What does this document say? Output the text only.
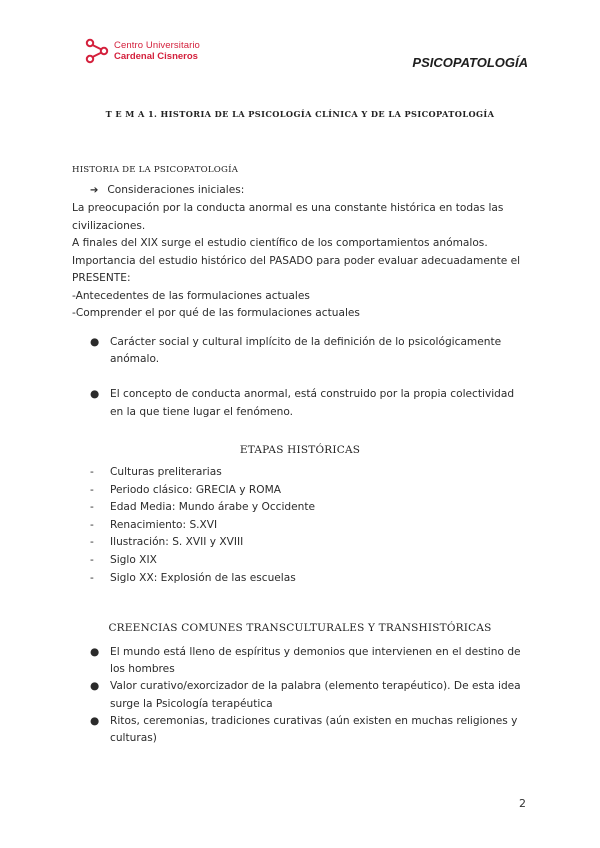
Centro Universitario
Cardenal Cisneros	PSICOPATOLOGÍA
T E M A 1. HISTORIA DE LA PSICOLOGÍA CLÍNICA Y DE LA PSICOPATOLOGÍA
HISTORIA DE LA PSICOPATOLOGÍA
➔ Consideraciones iniciales:

La preocupación por la conducta anormal es una constante histórica en todas las civilizaciones.

A finales del XIX surge el estudio científico de los comportamientos anómalos.

Importancia del estudio histórico del PASADO para poder evaluar adecuadamente el PRESENTE:

-Antecedentes de las formulaciones actuales

-Comprender el por qué de las formulaciones actuales

● Carácter social y cultural implícito de la definición de lo psicológicamente anómalo.
● El concepto de conducta anormal, está construido por la propia colectividad en la que tiene lugar el fenómeno.
ETAPAS HISTÓRICAS
- Culturas preliterarias
- Periodo clásico: GRECIA y ROMA
- Edad Media: Mundo árabe y Occidente
- Renacimiento: S.XVI
- Ilustración: S. XVII y XVIII
- Siglo XIX
- Siglo XX: Explosión de las escuelas
CREENCIAS COMUNES TRANSCULTURALES Y TRANSHISTÓRICAS
● El mundo está lleno de espíritus y demonios que intervienen en el destino de los hombres
● Valor curativo/exorcizador de la palabra (elemento terapéutico). De esta idea surge la Psicología terapéutica
● Ritos, ceremonias, tradiciones curativas (aún existen en muchas religiones y culturas)
2
